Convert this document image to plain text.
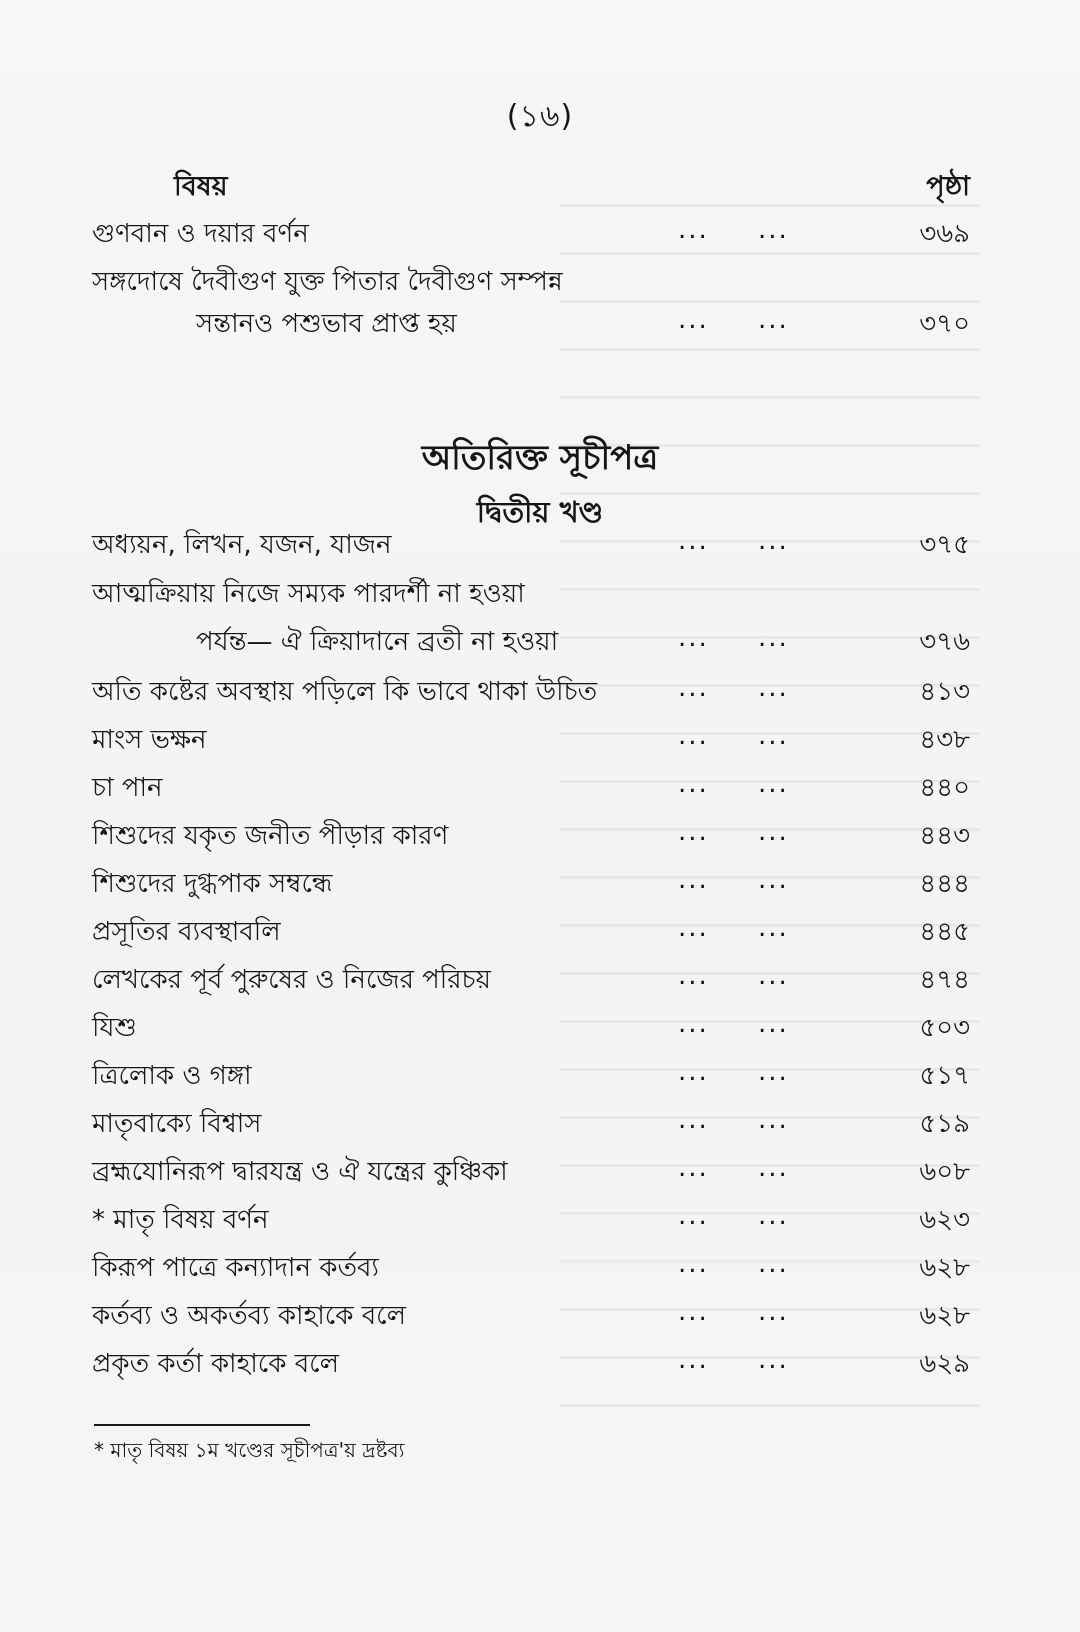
(১৬)
বিষয়	পৃষ্ঠা
গুণবান ও দয়ার বর্ণন	... ...	৩৬৯
সঙ্গদোষে দৈবীগুণ যুক্ত পিতার দৈবীগুণ সম্পন্ন
সন্তানও পশুভাব প্রাপ্ত হয়	... ...	৩৭০
অতিরিক্ত সূচীপত্র
দ্বিতীয় খণ্ড
অধ্যয়ন, লিখন, যজন, যাজন	... ...	৩৭৫
আত্মক্রিয়ায় নিজে সম্যক পারদর্শী না হওয়া
পর্যন্ত— ঐ ক্রিয়াদানে ব্রতী না হওয়া	... ...	৩৭৬
অতি কষ্টের অবস্থায় পড়িলে কি ভাবে থাকা উচিত	... ...	৪১৩
মাংস ভক্ষন	... ...	৪৩৮
চা পান	... ...	৪৪০
শিশুদের যকৃত জনীত পীড়ার কারণ	... ...	৪৪৩
শিশুদের দুগ্ধপাক সম্বন্ধে	... ...	৪৪৪
প্রসূতির ব্যবস্থাবলি	... ...	৪৪৫
লেখকের পূর্ব পুরুষের ও নিজের পরিচয়	... ...	৪৭৪
যিশু	... ...	৫০৩
ত্রিলোক ও গঙ্গা	... ...	৫১৭
মাতৃবাক্যে বিশ্বাস	... ...	৫১৯
ব্রহ্মযোনিরূপ দ্বারযন্ত্র ও ঐ যন্ত্রের কুঞ্চিকা	... ...	৬০৮
* মাতৃ বিষয় বর্ণন	... ...	৬২৩
কিরূপ পাত্রে কন্যাদান কর্তব্য	... ...	৬২৮
কর্তব্য ও অকর্তব্য কাহাকে বলে	... ...	৬২৮
প্রকৃত কর্তা কাহাকে বলে	... ...	৬২৯
* মাতৃ বিষয় ১ম খণ্ডের সূচীপত্র'য় দ্রষ্টব্য
